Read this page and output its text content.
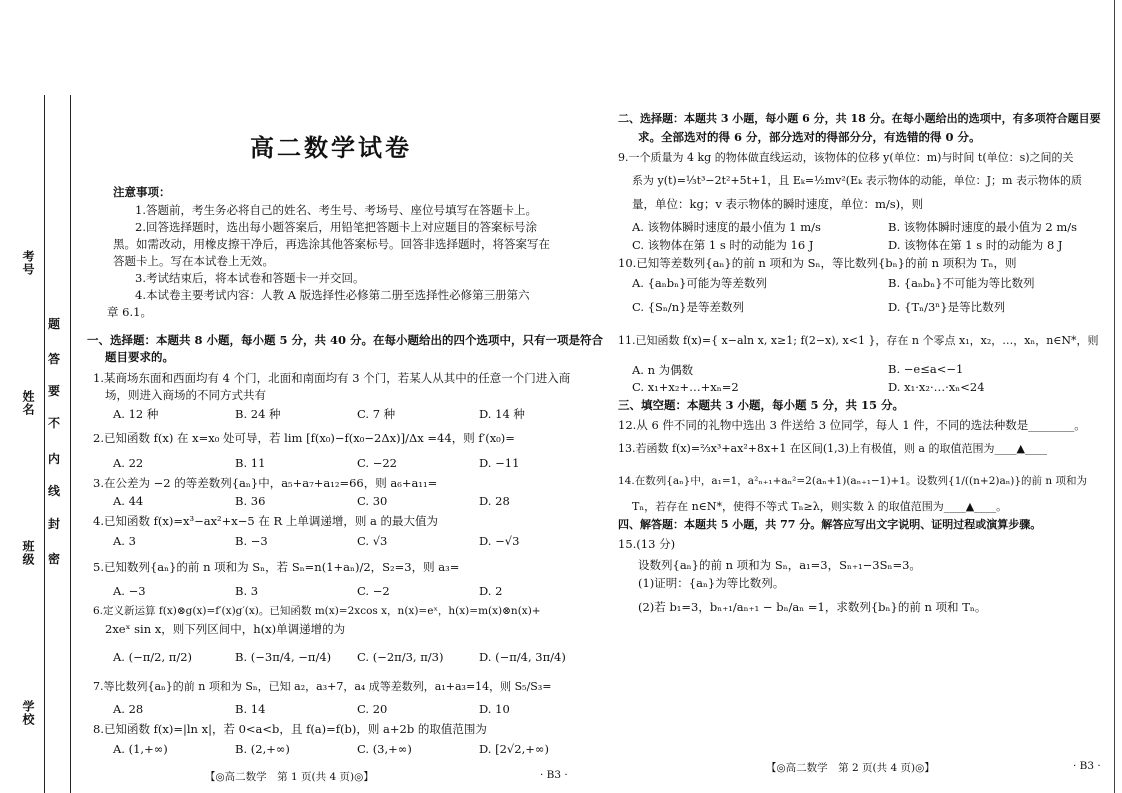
考号
姓名
班级
学校
题
答
要
不
内
线
封
密
高二数学试卷
注意事项：
1.答题前，考生务必将自己的姓名、考生号、考场号、座位号填写在答题卡上。
2.回答选择题时，选出每小题答案后，用铅笔把答题卡上对应题目的答案标号涂
黑。如需改动，用橡皮擦干净后，再选涂其他答案标号。回答非选择题时，将答案写在
答题卡上。写在本试卷上无效。
3.考试结束后，将本试卷和答题卡一并交回。
4.本试卷主要考试内容：人教 A 版选择性必修第二册至选择性必修第三册第六
章 6.1。
一、选择题：本题共 8 小题，每小题 5 分，共 40 分。在每小题给出的四个选项中，只有一项是符合
题目要求的。
1.某商场东面和西面均有 4 个门，北面和南面均有 3 个门，若某人从其中的任意一个门进入商
场，则进入商场的不同方式共有
A. 12 种	B. 24 种	C. 7 种	D. 14 种
2.已知函数 f(x) 在 x=x₀ 处可导，若 lim [f(x₀)−f(x₀−2Δx)]/Δx =44，则 f′(x₀)=
A. 22	B. 11	C. −22	D. −11
3.在公差为 −2 的等差数列{aₙ}中，a₅+a₇+a₁₂=66，则 a₆+a₁₁=
A. 44	B. 36	C. 30	D. 28
4.已知函数 f(x)=x³−ax²+x−5 在 R 上单调递增，则 a 的最大值为
A. 3	B. −3	C. √3	D. −√3
5.已知数列{aₙ}的前 n 项和为 Sₙ，若 Sₙ=n(1+aₙ)/2，S₂=3，则 a₃=
A. −3	B. 3	C. −2	D. 2
6.定义新运算 f(x)⊗g(x)=f′(x)g′(x)。已知函数 m(x)=2xcos x，n(x)=eˣ，h(x)=m(x)⊗n(x)+
2xeˣ sin x，则下列区间中，h(x)单调递增的为
A. (−π/2, π/2)	B. (−3π/4, −π/4) C. (−2π/3, π/3)	D. (−π/4, 3π/4)
7.等比数列{aₙ}的前 n 项和为 Sₙ，已知 a₂，a₃+7，a₄ 成等差数列，a₁+a₃=14，则 S₅/S₃=
A. 28	B. 14	C. 20	D. 10
8.已知函数 f(x)=|ln x|，若 0<a<b，且 f(a)=f(b)，则 a+2b 的取值范围为
A. (1,+∞)	B. (2,+∞)	C. (3,+∞)	D. [2√2,+∞)
【◎高二数学　第 1 页(共 4 页)◎】	· B3 ·
二、选择题：本题共 3 小题，每小题 6 分，共 18 分。在每小题给出的选项中，有多项符合题目要
求。全部选对的得 6 分，部分选对的得部分分，有选错的得 0 分。
9.一个质量为 4 kg 的物体做直线运动，该物体的位移 y(单位：m)与时间 t(单位：s)之间的关
系为 y(t)=⅓t³−2t²+5t+1，且 Eₖ=½mv²(Eₖ 表示物体的动能，单位：J；m 表示物体的质
量，单位：kg；v 表示物体的瞬时速度，单位：m/s)，则
A. 该物体瞬时速度的最小值为 1 m/s	B. 该物体瞬时速度的最小值为 2 m/s
C. 该物体在第 1 s 时的动能为 16 J	D. 该物体在第 1 s 时的动能为 8 J
10.已知等差数列{aₙ}的前 n 项和为 Sₙ，等比数列{bₙ}的前 n 项积为 Tₙ，则
A. {aₙbₙ}可能为等差数列	B. {aₙbₙ}不可能为等比数列
C. {Sₙ/n}是等差数列	D. {Tₙ/3ⁿ}是等比数列
11.已知函数 f(x)={ x−aln x, x≥1; f(2−x), x<1 }，存在 n 个零点 x₁，x₂，…，xₙ，n∈N*，则
A. n 为偶数	B. −e≤a<−1
C. x₁+x₂+…+xₙ=2	D. x₁·x₂·…·xₙ<24
三、填空题：本题共 3 小题，每小题 5 分，共 15 分。
12.从 6 件不同的礼物中选出 3 件送给 3 位同学，每人 1 件，不同的选法种数是________。
13.若函数 f(x)=⅔x³+ax²+8x+1 在区间(1,3)上有极值，则 a 的取值范围为____▲____
14.在数列{aₙ}中，a₁=1，a²ₙ₊₁+aₙ²=2(aₙ+1)(aₙ₊₁−1)+1。设数列{1/((n+2)aₙ)}的前 n 项和为
Tₙ，若存在 n∈N*，使得不等式 Tₙ≥λ，则实数 λ 的取值范围为____▲____。
四、解答题：本题共 5 小题，共 77 分。解答应写出文字说明、证明过程或演算步骤。
15.(13 分)
设数列{aₙ}的前 n 项和为 Sₙ，a₁=3，Sₙ₊₁−3Sₙ=3。
(1)证明：{aₙ}为等比数列。
(2)若 b₁=3，bₙ₊₁/aₙ₊₁ − bₙ/aₙ =1，求数列{bₙ}的前 n 项和 Tₙ。
【◎高二数学　第 2 页(共 4 页)◎】	· B3 ·
